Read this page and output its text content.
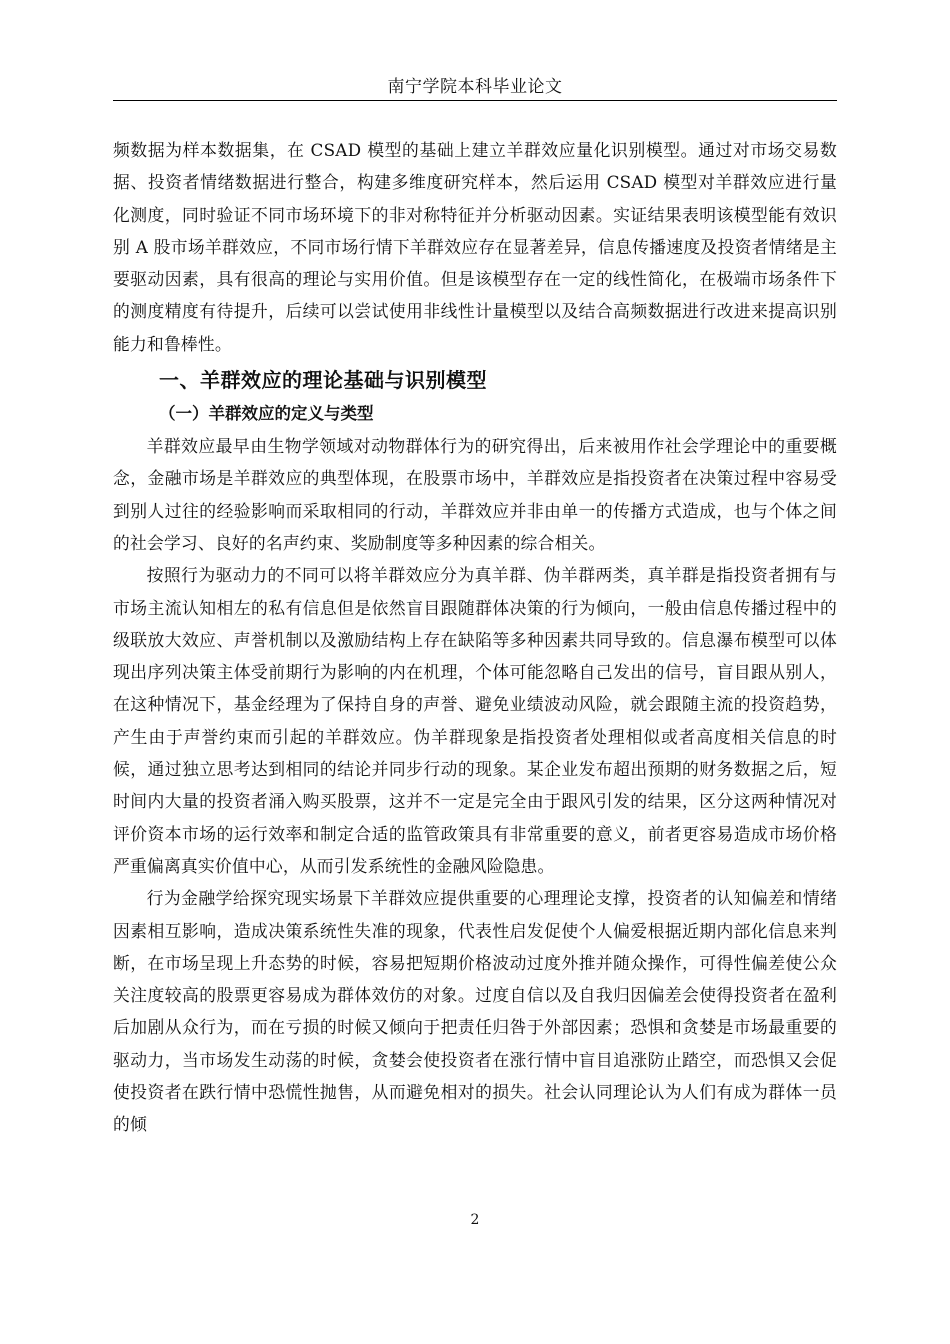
南宁学院本科毕业论文

频数据为样本数据集，在 CSAD 模型的基础上建立羊群效应量化识别模型。通过对市场交易数据、投资者情绪数据进行整合，构建多维度研究样本，然后运用 CSAD 模型对羊群效应进行量化测度，同时验证不同市场环境下的非对称特征并分析驱动因素。实证结果表明该模型能有效识别 A 股市场羊群效应，不同市场行情下羊群效应存在显著差异，信息传播速度及投资者情绪是主要驱动因素，具有很高的理论与实用价值。但是该模型存在一定的线性简化，在极端市场条件下的测度精度有待提升，后续可以尝试使用非线性计量模型以及结合高频数据进行改进来提高识别能力和鲁棒性。

一、羊群效应的理论基础与识别模型
（一）羊群效应的定义与类型

羊群效应最早由生物学领域对动物群体行为的研究得出，后来被用作社会学理论中的重要概念，金融市场是羊群效应的典型体现，在股票市场中，羊群效应是指投资者在决策过程中容易受到别人过往的经验影响而采取相同的行动，羊群效应并非由单一的传播方式造成，也与个体之间的社会学习、良好的名声约束、奖励制度等多种因素的综合相关。

按照行为驱动力的不同可以将羊群效应分为真羊群、伪羊群两类，真羊群是指投资者拥有与市场主流认知相左的私有信息但是依然盲目跟随群体决策的行为倾向，一般由信息传播过程中的级联放大效应、声誉机制以及激励结构上存在缺陷等多种因素共同导致的。信息瀑布模型可以体现出序列决策主体受前期行为影响的内在机理，个体可能忽略自己发出的信号，盲目跟从别人，在这种情况下，基金经理为了保持自身的声誉、避免业绩波动风险，就会跟随主流的投资趋势，产生由于声誉约束而引起的羊群效应。伪羊群现象是指投资者处理相似或者高度相关信息的时候，通过独立思考达到相同的结论并同步行动的现象。某企业发布超出预期的财务数据之后，短时间内大量的投资者涌入购买股票，这并不一定是完全由于跟风引发的结果，区分这两种情况对评价资本市场的运行效率和制定合适的监管政策具有非常重要的意义，前者更容易造成市场价格严重偏离真实价值中心，从而引发系统性的金融风险隐患。

行为金融学给探究现实场景下羊群效应提供重要的心理理论支撑，投资者的认知偏差和情绪因素相互影响，造成决策系统性失准的现象，代表性启发促使个人偏爱根据近期内部化信息来判断，在市场呈现上升态势的时候，容易把短期价格波动过度外推并随众操作，可得性偏差使公众关注度较高的股票更容易成为群体效仿的对象。过度自信以及自我归因偏差会使得投资者在盈利后加剧从众行为，而在亏损的时候又倾向于把责任归咎于外部因素；恐惧和贪婪是市场最重要的驱动力，当市场发生动荡的时候，贪婪会使投资者在涨行情中盲目追涨防止踏空，而恐惧又会促使投资者在跌行情中恐慌性抛售，从而避免相对的损失。社会认同理论认为人们有成为群体一员的倾

2
